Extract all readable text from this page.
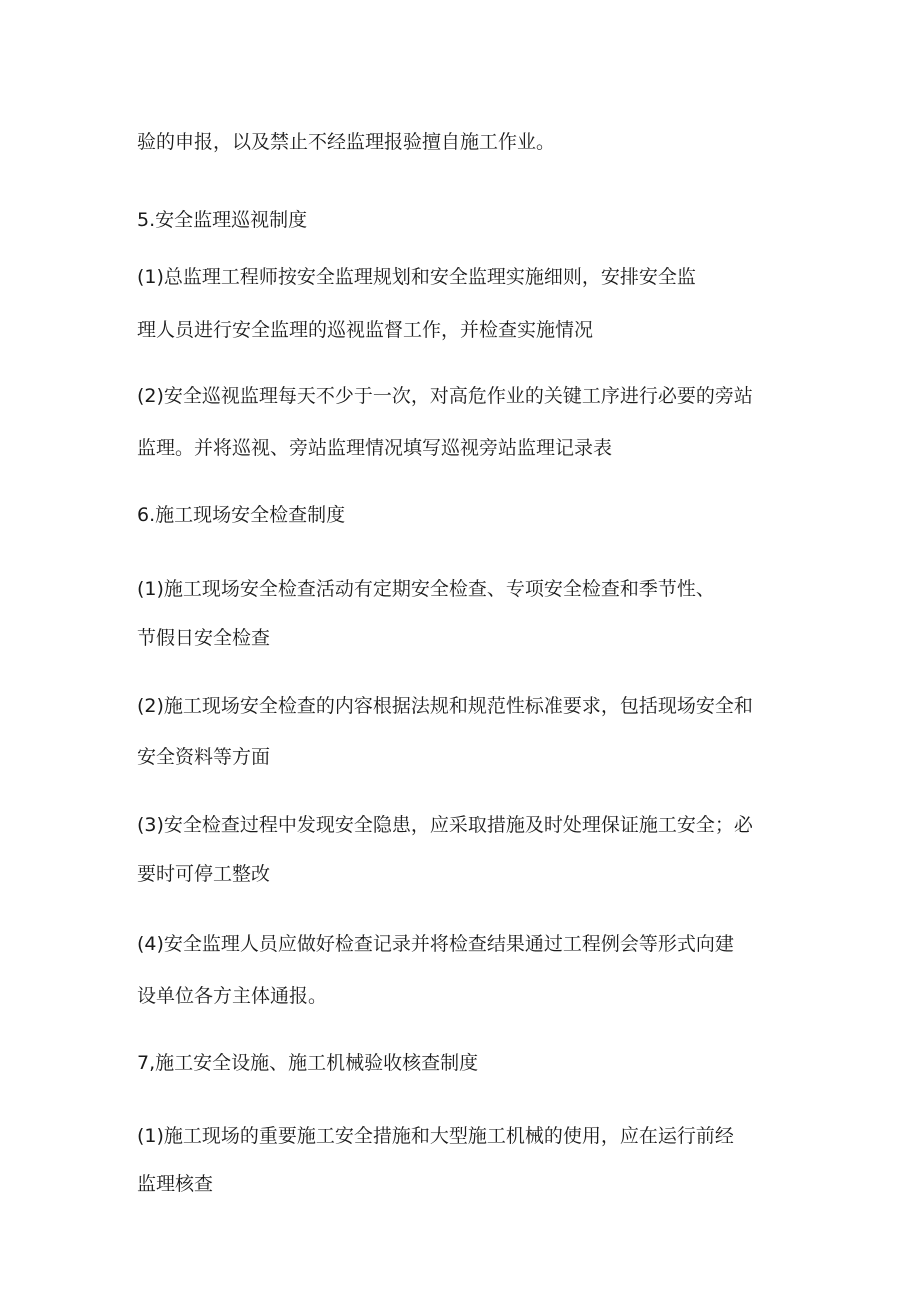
验的申报，以及禁止不经监理报验擅自施工作业。
5.安全监理巡视制度
(1)总监理工程师按安全监理规划和安全监理实施细则，安排安全监
理人员进行安全监理的巡视监督工作，并检查实施情况
(2)安全巡视监理每天不少于一次，对高危作业的关键工序进行必要的旁站
监理。并将巡视、旁站监理情况填写巡视旁站监理记录表
6.施工现场安全检查制度
(1)施工现场安全检查活动有定期安全检查、专项安全检查和季节性、
节假日安全检查
(2)施工现场安全检查的内容根据法规和规范性标准要求，包括现场安全和
安全资料等方面
(3)安全检查过程中发现安全隐患，应采取措施及时处理保证施工安全；必
要时可停工整改
(4)安全监理人员应做好检查记录并将检查结果通过工程例会等形式向建
设单位各方主体通报。
7,施工安全设施、施工机械验收核查制度
(1)施工现场的重要施工安全措施和大型施工机械的使用，应在运行前经
监理核查
